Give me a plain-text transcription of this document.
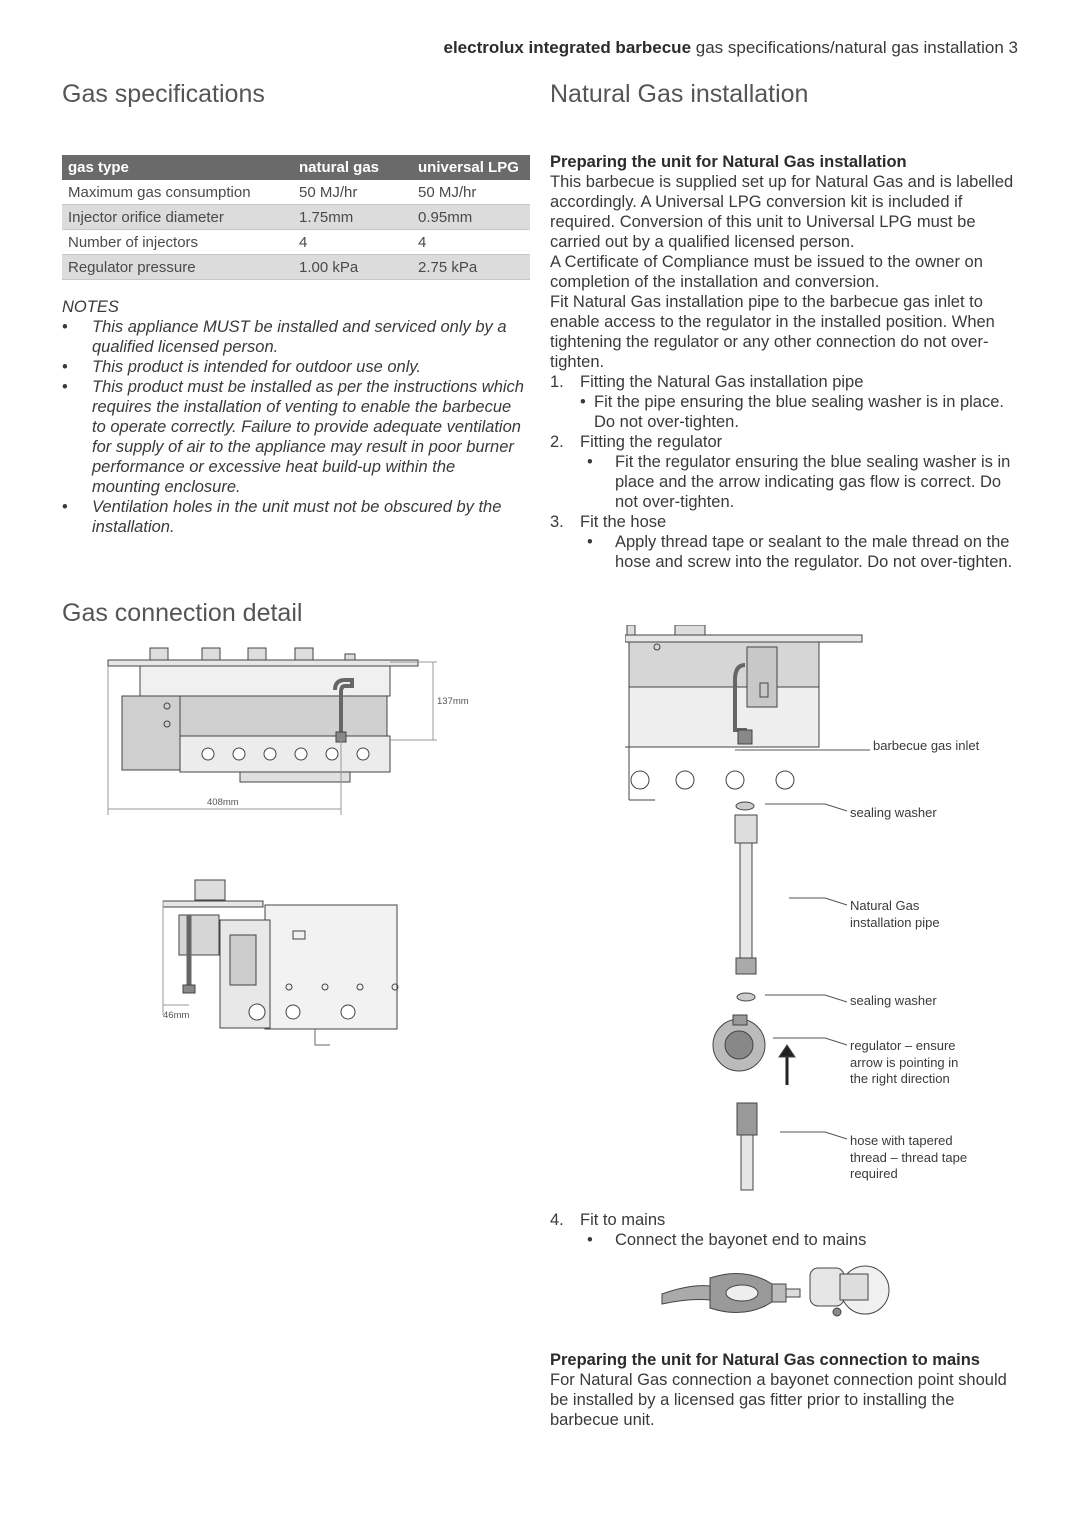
electrolux integrated barbecue gas specifications/natural gas installation 3
Gas specifications
gas type	natural gas	universal LPG
Maximum gas consumption	50 MJ/hr	50 MJ/hr
Injector orifice diameter	1.75mm	0.95mm
Number of injectors	4	4
Regulator pressure	1.00 kPa	2.75 kPa
NOTES
• This appliance MUST be installed and serviced only by a qualified licensed person.
• This product is intended for outdoor use only.
• This product must be installed as per the instructions which requires the installation of venting to enable the barbecue to operate correctly. Failure to provide adequate ventilation for supply of air to the appliance may result in poor burner performance or excessive heat build-up within the mounting enclosure.
• Ventilation holes in the unit must not be obscured by the installation.
Gas connection detail
137mm
408mm
46mm
Natural Gas installation

Preparing the unit for Natural Gas installation

This barbecue is supplied set up for Natural Gas and is labelled accordingly. A Universal LPG conversion kit is included if required. Conversion of this unit to Universal LPG must be carried out by a qualified licensed person.

A Certificate of Compliance must be issued to the owner on completion of the installation and conversion.

Fit Natural Gas installation pipe to the barbecue gas inlet to enable access to the regulator in the installed position. When tightening the regulator or any other connection do not over-tighten.

1. Fitting the Natural Gas installation pipe
• Fit the pipe ensuring the blue sealing washer is in place. Do not over-tighten.
2. Fitting the regulator
• Fit the regulator ensuring the blue sealing washer is in place and the arrow indicating gas flow is correct. Do not over-tighten.
3. Fit the hose
• Apply thread tape or sealant to the male thread on the hose and screw into the regulator. Do not over-tighten.
barbecue gas inlet
sealing washer
Natural Gas
installation pipe
sealing washer
regulator – ensure
arrow is pointing in
the right direction
hose with tapered
thread – thread tape
required
4. Fit to mains
• Connect the bayonet end to mains

Preparing the unit for Natural Gas connection to mains

For Natural Gas connection a bayonet connection point should be installed by a licensed gas fitter prior to installing the barbecue unit.
